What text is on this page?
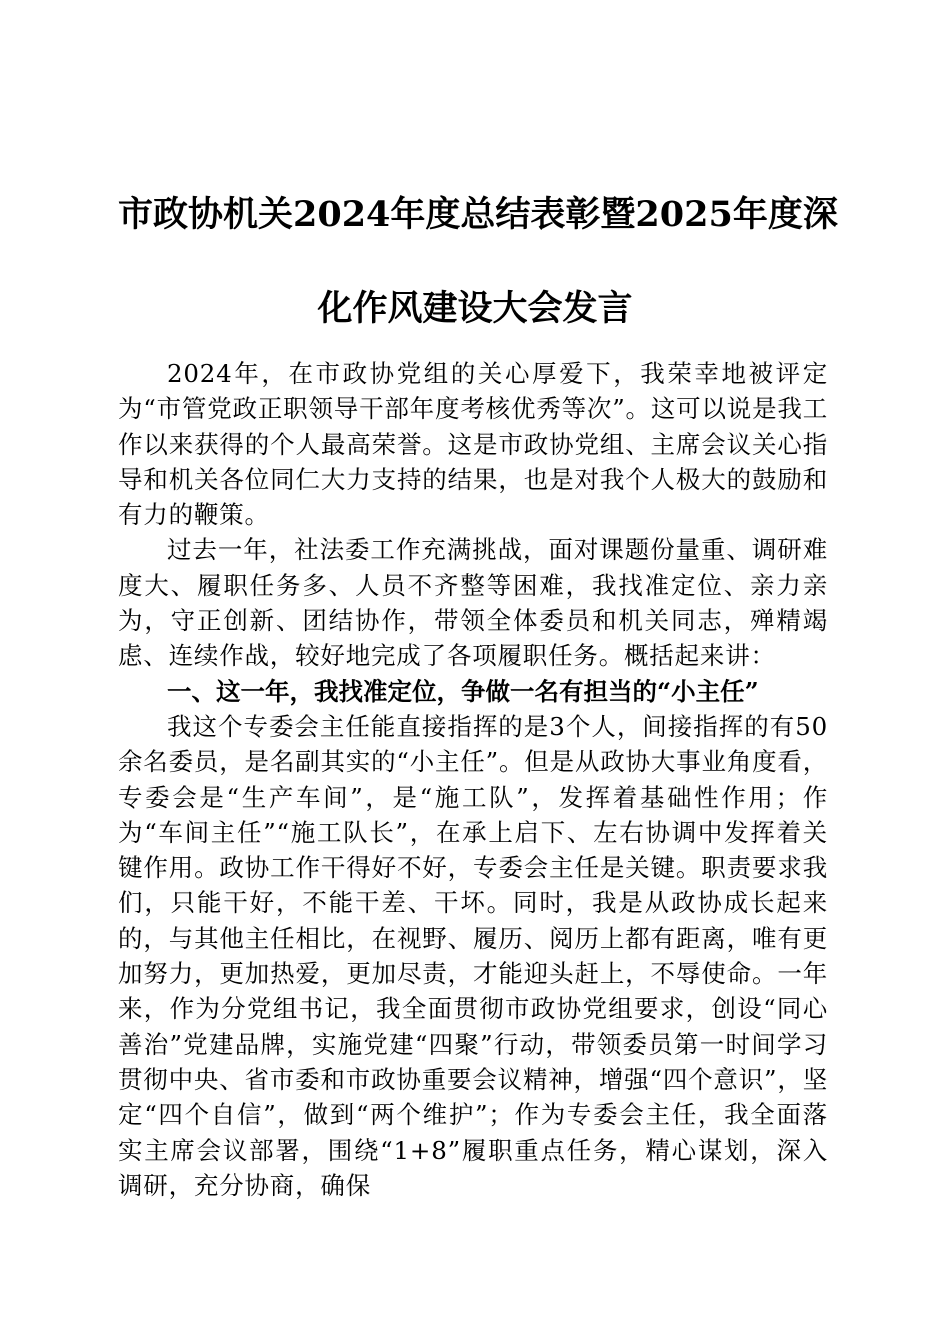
市政协机关2024年度总结表彰暨2025年度深
化作风建设大会发言

2024年，在市政协党组的关心厚爱下，我荣幸地被评定为“市管党政正职领导干部年度考核优秀等次”。这可以说是我工作以来获得的个人最高荣誉。这是市政协党组、主席会议关心指导和机关各位同仁大力支持的结果，也是对我个人极大的鼓励和有力的鞭策。

过去一年，社法委工作充满挑战，面对课题份量重、调研难度大、履职任务多、人员不齐整等困难，我找准定位、亲力亲为，守正创新、团结协作，带领全体委员和机关同志，殚精竭虑、连续作战，较好地完成了各项履职任务。概括起来讲：

一、这一年，我找准定位，争做一名有担当的“小主任”

我这个专委会主任能直接指挥的是3个人，间接指挥的有50余名委员，是名副其实的“小主任”。但是从政协大事业角度看，专委会是“生产车间”，是“施工队”，发挥着基础性作用；作为“车间主任”“施工队长”，在承上启下、左右协调中发挥着关键作用。政协工作干得好不好，专委会主任是关键。职责要求我们，只能干好，不能干差、干坏。同时，我是从政协成长起来的，与其他主任相比，在视野、履历、阅历上都有距离，唯有更加努力，更加热爱，更加尽责，才能迎头赶上，不辱使命。一年来，作为分党组书记，我全面贯彻市政协党组要求，创设“同心善治”党建品牌，实施党建“四聚”行动，带领委员第一时间学习贯彻中央、省市委和市政协重要会议精神，增强“四个意识”，坚定“四个自信”，做到“两个维护”；作为专委会主任，我全面落实主席会议部署，围绕“1+8”履职重点任务，精心谋划，深入调研，充分协商，确保
